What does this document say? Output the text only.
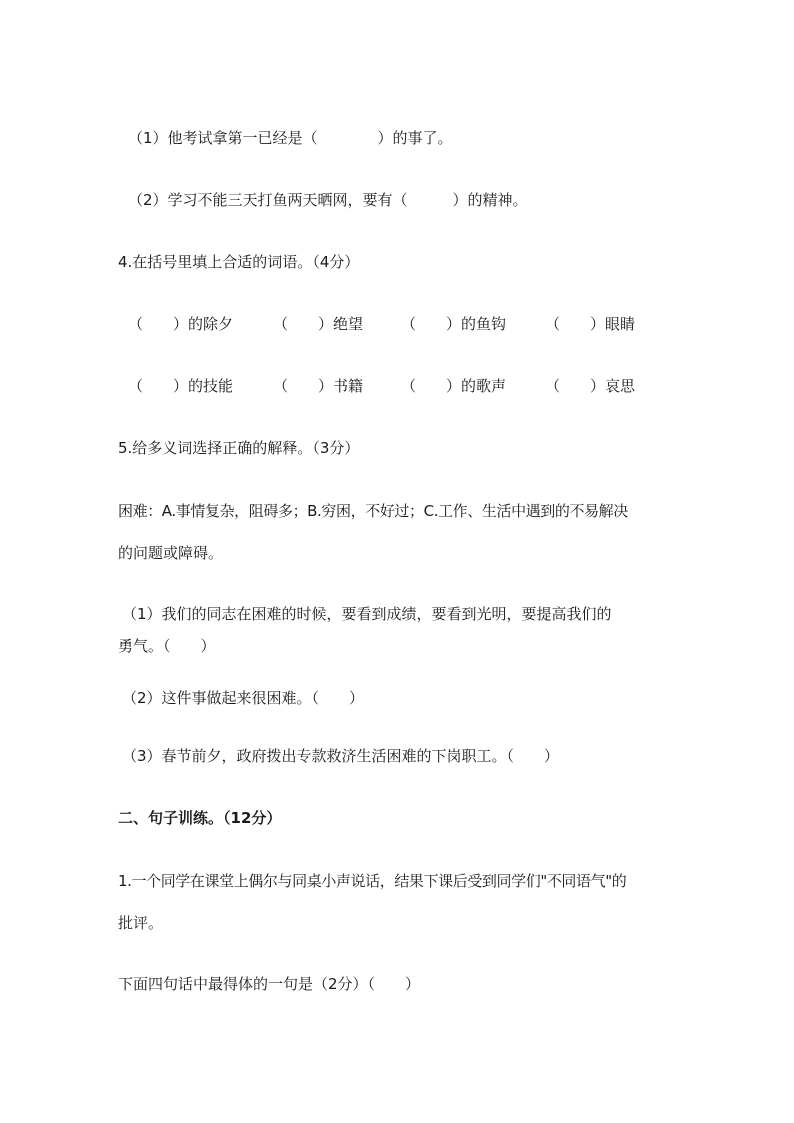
（1）他考试拿第一已经是（　　　　）的事了。
（2）学习不能三天打鱼两天晒网，要有（　　　）的精神。
4.在括号里填上合适的词语。（4分）
（　　）的除夕	（　　）绝望	（　　）的鱼钩	（　　）眼睛
（　　）的技能	（　　）书籍	（　　）的歌声	（　　）哀思
5.给多义词选择正确的解释。（3分）
困难：A.事情复杂，阻碍多；B.穷困，不好过；C.工作、生活中遇到的不易解决
的问题或障碍。
（1）我们的同志在困难的时候，要看到成绩，要看到光明，要提高我们的
勇气。（　　）
（2）这件事做起来很困难。（　　）
（3）春节前夕，政府拨出专款救济生活困难的下岗职工。（　　）
二、句子训练。（12分）
1.一个同学在课堂上偶尔与同桌小声说话，结果下课后受到同学们"不同语气"的
批评。
下面四句话中最得体的一句是（2分）（　　）
